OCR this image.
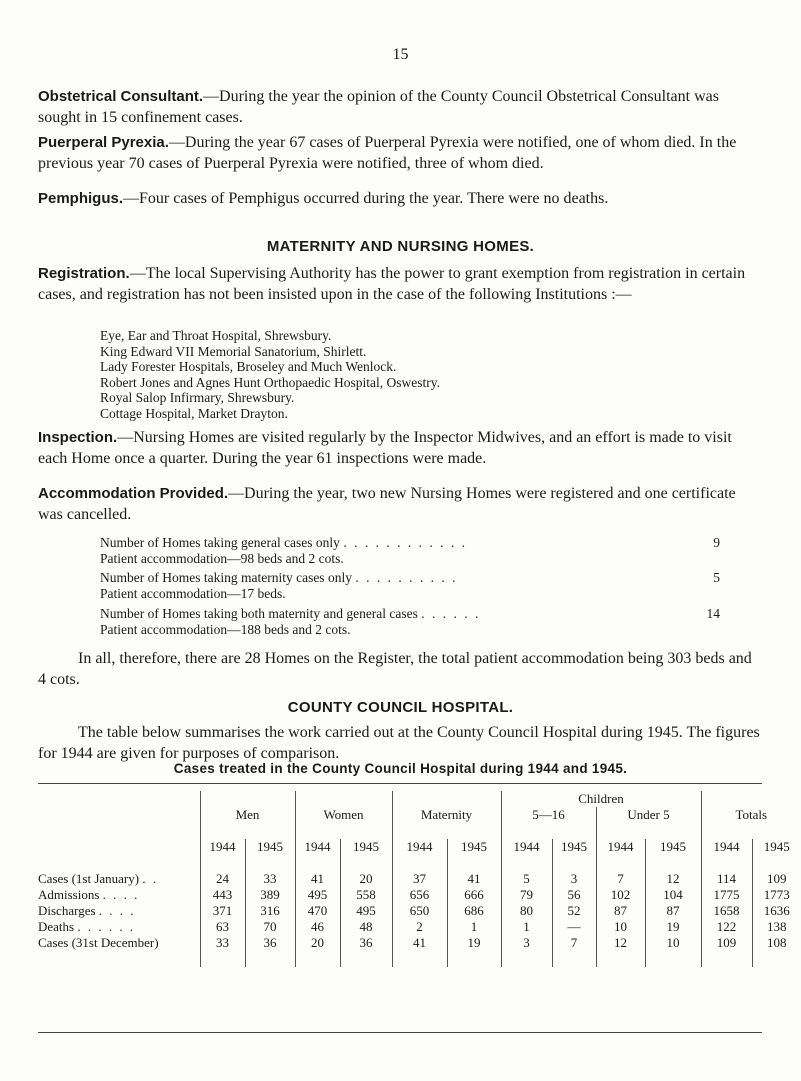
15
Obstetrical Consultant.—During the year the opinion of the County Council Obstetrical Consultant was sought in 15 confinement cases.
Puerperal Pyrexia.—During the year 67 cases of Puerperal Pyrexia were notified, one of whom died. In the previous year 70 cases of Puerperal Pyrexia were notified, three of whom died.
Pemphigus.—Four cases of Pemphigus occurred during the year. There were no deaths.
MATERNITY AND NURSING HOMES.
Registration.—The local Supervising Authority has the power to grant exemption from registration in certain cases, and registration has not been insisted upon in the case of the following Institutions :—
Eye, Ear and Throat Hospital, Shrewsbury.
King Edward VII Memorial Sanatorium, Shirlett.
Lady Forester Hospitals, Broseley and Much Wenlock.
Robert Jones and Agnes Hunt Orthopaedic Hospital, Oswestry.
Royal Salop Infirmary, Shrewsbury.
Cottage Hospital, Market Drayton.
Inspection.—Nursing Homes are visited regularly by the Inspector Midwives, and an effort is made to visit each Home once a quarter. During the year 61 inspections were made.
Accommodation Provided.—During the year, two new Nursing Homes were registered and one certificate was cancelled.
Number of Homes taking general cases only . . . . . . . . . . . .	9
Patient accommodation—98 beds and 2 cots.
Number of Homes taking maternity cases only . . . . . . . . . .	5
Patient accommodation—17 beds.
Number of Homes taking both maternity and general cases . . . . . .	14
Patient accommodation—188 beds and 2 cots.
In all, therefore, there are 28 Homes on the Register, the total patient accommodation being 303 beds and 4 cots.
COUNTY COUNCIL HOSPITAL.
The table below summarises the work carried out at the County Council Hospital during 1945. The figures for 1944 are given for purposes of comparison.
Cases treated in the County Council Hospital during 1944 and 1945.

							Children					
	Men		Women		Maternity		5—16		Under 5		Totals	

	1944	1945	1944	1945	1944	1945	1944	1945	1944	1945	1944	1945

Cases (1st January) . .	24	33	41	20	37	41	5	3	7	12	114	109
Admissions . . . .	443	389	495	558	656	666	79	56	102	104	1775	1773
Discharges . . . .	371	316	470	495	650	686	80	52	87	87	1658	1636
Deaths . . . . . .	63	70	46	48	2	1	1	—	10	19	122	138
Cases (31st December)	33	36	20	36	41	19	3	7	12	10	109	108
